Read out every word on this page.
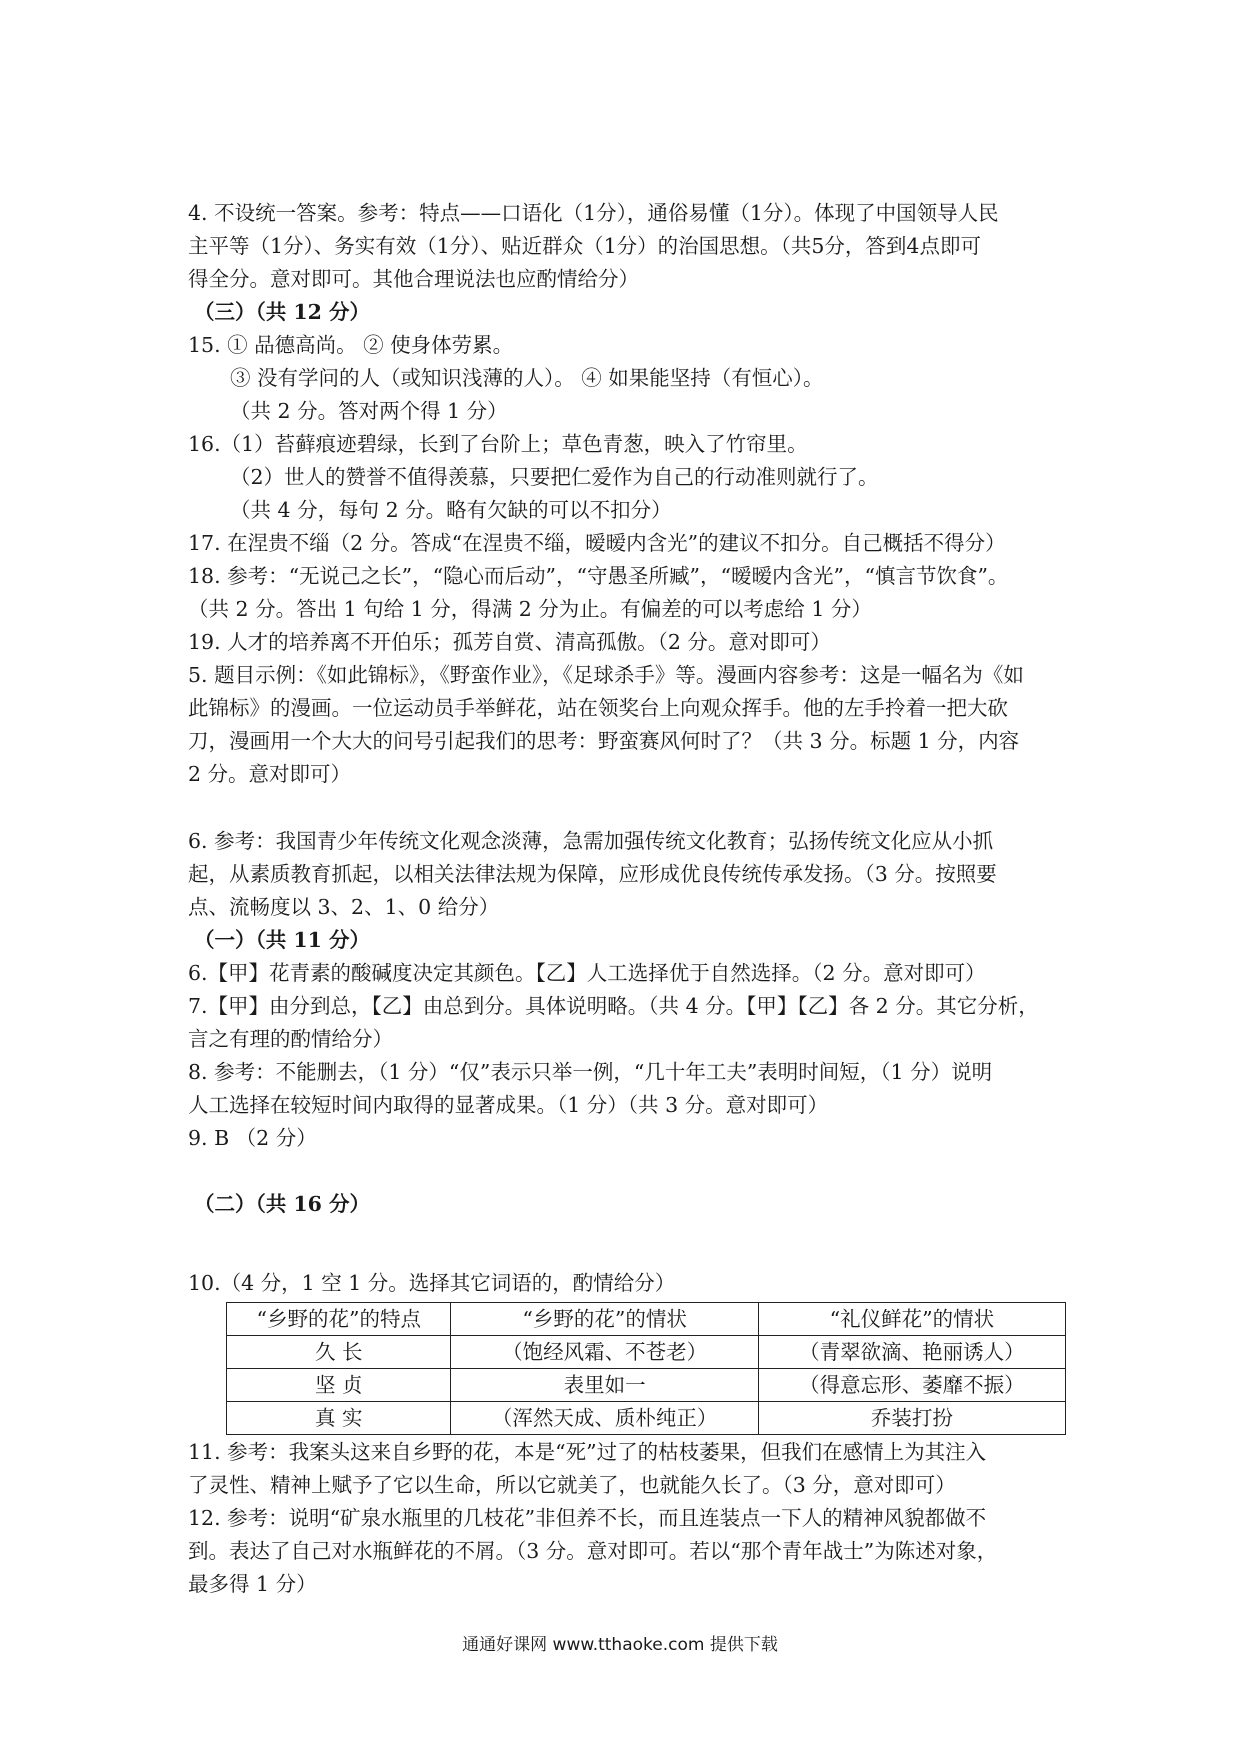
4. 不设统一答案。参考：特点——口语化（1分），通俗易懂（1分）。体现了中国领导人民
主平等（1分）、务实有效（1分）、贴近群众（1分）的治国思想。（共5分，答到4点即可
得全分。意对即可。其他合理说法也应酌情给分）
（三）（共 12 分）
15. ① 品德高尚。 ② 使身体劳累。
③ 没有学问的人（或知识浅薄的人）。 ④ 如果能坚持（有恒心）。
（共 2 分。答对两个得 1 分）
16.（1）苔藓痕迹碧绿，长到了台阶上；草色青葱，映入了竹帘里。
（2）世人的赞誉不值得羡慕，只要把仁爱作为自己的行动准则就行了。
（共 4 分，每句 2 分。略有欠缺的可以不扣分）
17. 在涅贵不缁（2 分。答成“在涅贵不缁，暧暧内含光”的建议不扣分。自己概括不得分）
18. 参考：“无说己之长”，“隐心而后动”，“守愚圣所臧”，“暧暧内含光”，“慎言节饮食”。
（共 2 分。答出 1 句给 1 分，得满 2 分为止。有偏差的可以考虑给 1 分）
19. 人才的培养离不开伯乐；孤芳自赏、清高孤傲。（2 分。意对即可）
5. 题目示例：《如此锦标》，《野蛮作业》，《足球杀手》等。漫画内容参考：这是一幅名为《如
此锦标》的漫画。一位运动员手举鲜花，站在领奖台上向观众挥手。他的左手拎着一把大砍
刀，漫画用一个大大的问号引起我们的思考：野蛮赛风何时了？（共 3 分。标题 1 分，内容
2 分。意对即可）
6. 参考：我国青少年传统文化观念淡薄，急需加强传统文化教育；弘扬传统文化应从小抓
起，从素质教育抓起，以相关法律法规为保障，应形成优良传统传承发扬。（3 分。按照要
点、流畅度以 3、2、1、0 给分）
（一）（共 11 分）
6.【甲】花青素的酸碱度决定其颜色。【乙】人工选择优于自然选择。（2 分。意对即可）
7.【甲】由分到总，【乙】由总到分。具体说明略。（共 4 分。【甲】【乙】各 2 分。其它分析，
言之有理的酌情给分）
8. 参考：不能删去，（1 分）“仅”表示只举一例，“几十年工夫”表明时间短，（1 分）说明
人工选择在较短时间内取得的显著成果。（1 分）（共 3 分。意对即可）
9. B （2 分）
（二）（共 16 分）
10.（4 分，1 空 1 分。选择其它词语的，酌情给分）
“乡野的花”的特点	“乡野的花”的情状	“礼仪鲜花”的情状
久 长	（饱经风霜、不苍老）	（青翠欲滴、艳丽诱人）
坚 贞	表里如一	（得意忘形、萎靡不振）
真 实	（浑然天成、质朴纯正）	乔装打扮
11. 参考：我案头这来自乡野的花，本是“死”过了的枯枝萎果，但我们在感情上为其注入
了灵性、精神上赋予了它以生命，所以它就美了，也就能久长了。（3 分，意对即可）
12. 参考：说明“矿泉水瓶里的几枝花”非但养不长，而且连装点一下人的精神风貌都做不
到。表达了自己对水瓶鲜花的不屑。（3 分。意对即可。若以“那个青年战士”为陈述对象，
最多得 1 分）
通通好课网 www.tthaoke.com 提供下载
